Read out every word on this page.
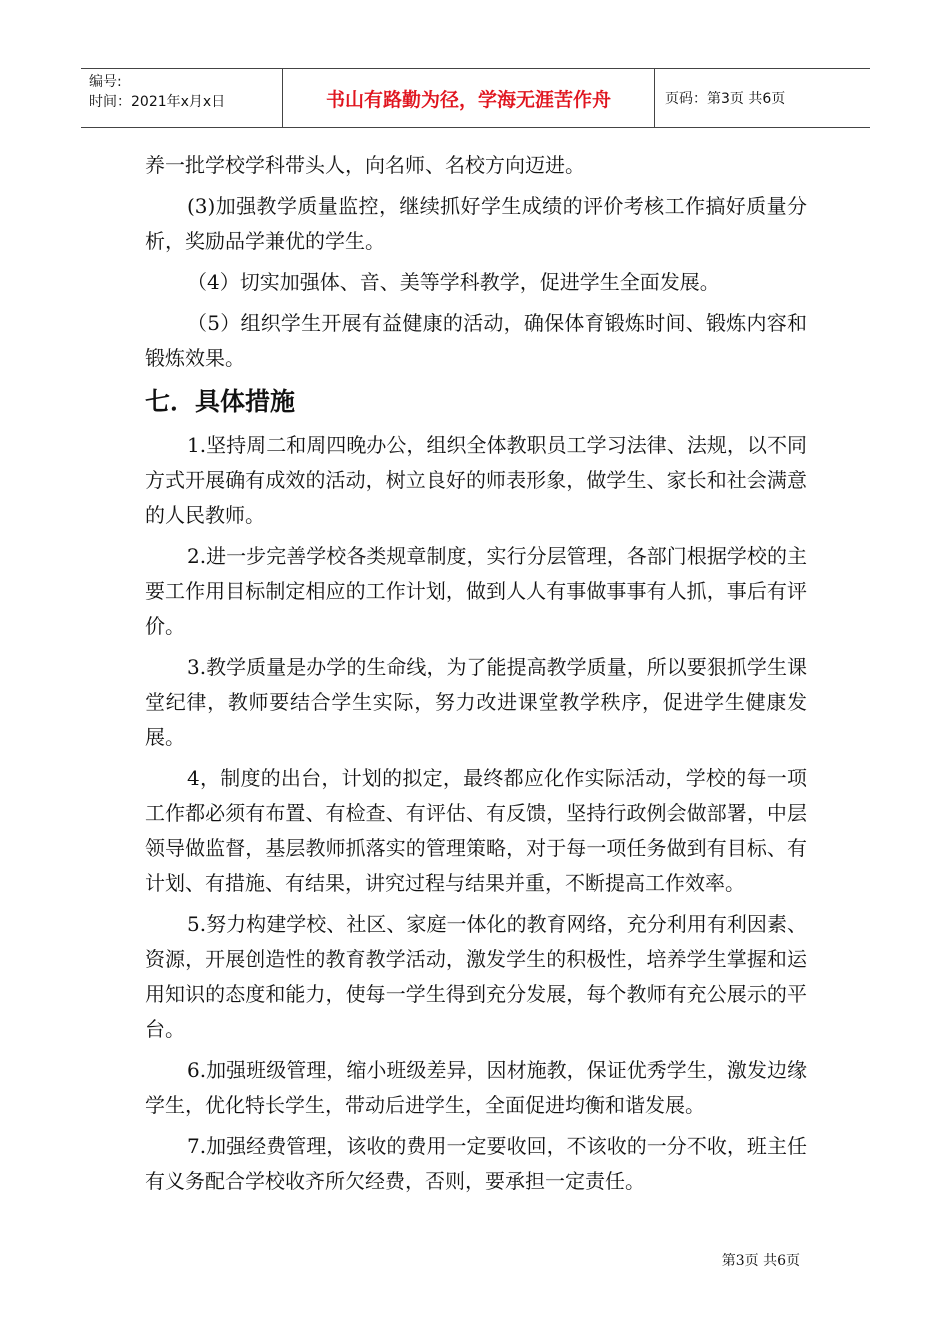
编号:
时间：2021年x月x日	书山有路勤为径，学海无涯苦作舟	页码：第3页 共6页

养一批学校学科带头人，向名师、名校方向迈进。

(3)加强教学质量监控，继续抓好学生成绩的评价考核工作搞好质量分析，奖励品学兼优的学生。

（4）切实加强体、音、美等学科教学，促进学生全面发展。

（5）组织学生开展有益健康的活动，确保体育锻炼时间、锻炼内容和锻炼效果。

七．具体措施

1.坚持周二和周四晚办公，组织全体教职员工学习法律、法规，以不同方式开展确有成效的活动，树立良好的师表形象，做学生、家长和社会满意的人民教师。

2.进一步完善学校各类规章制度，实行分层管理，各部门根据学校的主要工作用目标制定相应的工作计划，做到人人有事做事事有人抓，事后有评价。

3.教学质量是办学的生命线，为了能提高教学质量，所以要狠抓学生课堂纪律，教师要结合学生实际，努力改进课堂教学秩序，促进学生健康发展。

4，制度的出台，计划的拟定，最终都应化作实际活动，学校的每一项工作都必须有布置、有检查、有评估、有反馈，坚持行政例会做部署，中层领导做监督，基层教师抓落实的管理策略，对于每一项任务做到有目标、有计划、有措施、有结果，讲究过程与结果并重，不断提高工作效率。

5.努力构建学校、社区、家庭一体化的教育网络，充分利用有利因素、资源，开展创造性的教育教学活动，激发学生的积极性，培养学生掌握和运用知识的态度和能力，使每一学生得到充分发展，每个教师有充公展示的平台。

6.加强班级管理，缩小班级差异，因材施教，保证优秀学生，激发边缘学生，优化特长学生，带动后进学生，全面促进均衡和谐发展。

7.加强经费管理，该收的费用一定要收回，不该收的一分不收，班主任有义务配合学校收齐所欠经费，否则，要承担一定责任。

第3页 共6页
